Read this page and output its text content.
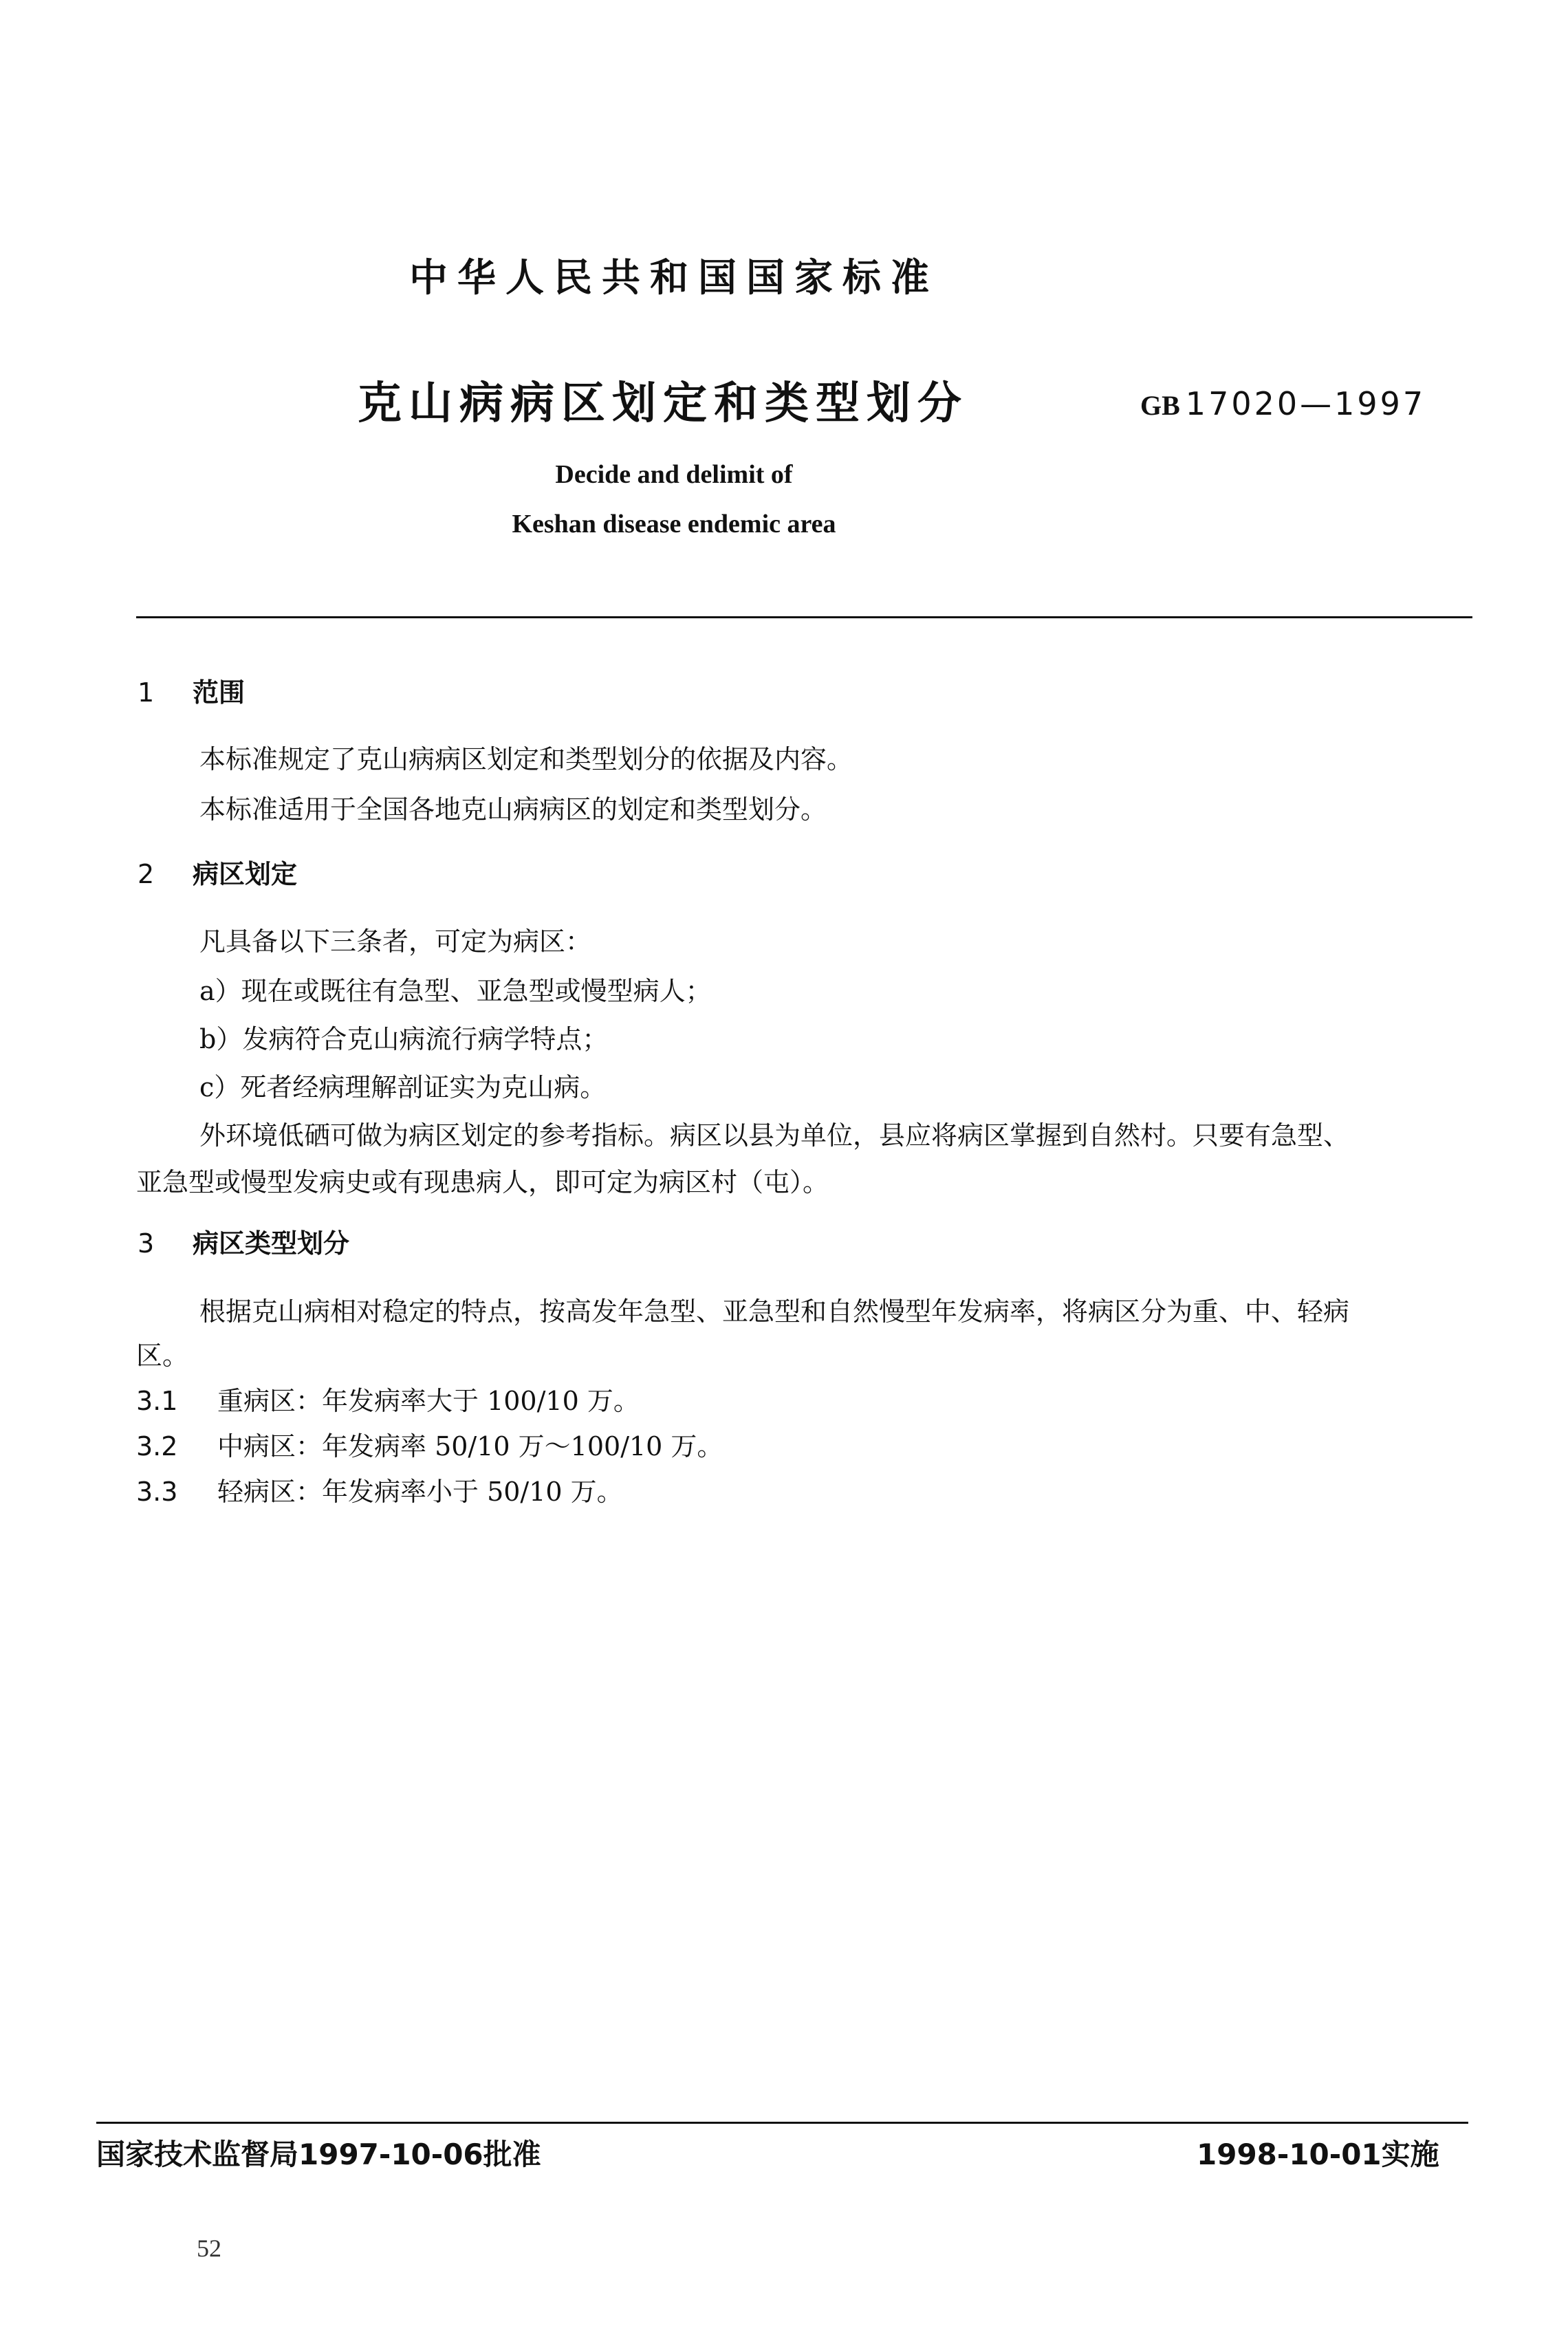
中华人民共和国国家标准
克山病病区划定和类型划分	GB 17020—1997
Decide and delimit of
Keshan disease endemic area
1 范围
本标准规定了克山病病区划定和类型划分的依据及内容。
本标准适用于全国各地克山病病区的划定和类型划分。
2 病区划定
凡具备以下三条者，可定为病区：
a）现在或既往有急型、亚急型或慢型病人；
b）发病符合克山病流行病学特点；
c）死者经病理解剖证实为克山病。
外环境低硒可做为病区划定的参考指标。病区以县为单位，县应将病区掌握到自然村。只要有急型、
亚急型或慢型发病史或有现患病人，即可定为病区村（屯）。
3 病区类型划分
根据克山病相对稳定的特点，按高发年急型、亚急型和自然慢型年发病率，将病区分为重、中、轻病
区。
3.1 重病区：年发病率大于 100/10 万。
3.2 中病区：年发病率 50/10 万～100/10 万。
3.3 轻病区：年发病率小于 50/10 万。
国家技术监督局1997-10-06批准	1998-10-01实施
52
